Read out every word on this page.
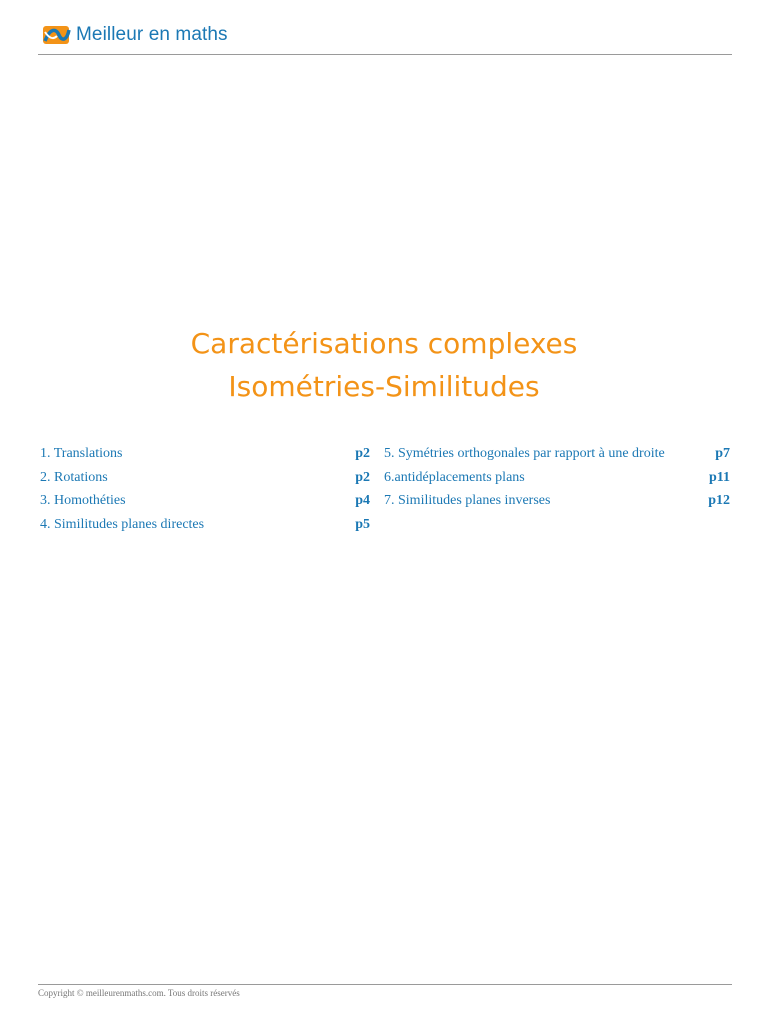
Meilleur en maths
Caractérisations complexes
Isométries-Similitudes
1. Translations	p2
2. Rotations	p2
3. Homothéties	p4
4. Similitudes planes directes	p5
5. Symétries orthogonales par rapport à une droite	p7
6.antidéplacements plans	p11
7. Similitudes planes inverses	p12
Copyright © meilleurenmaths.com. Tous droits réservés
